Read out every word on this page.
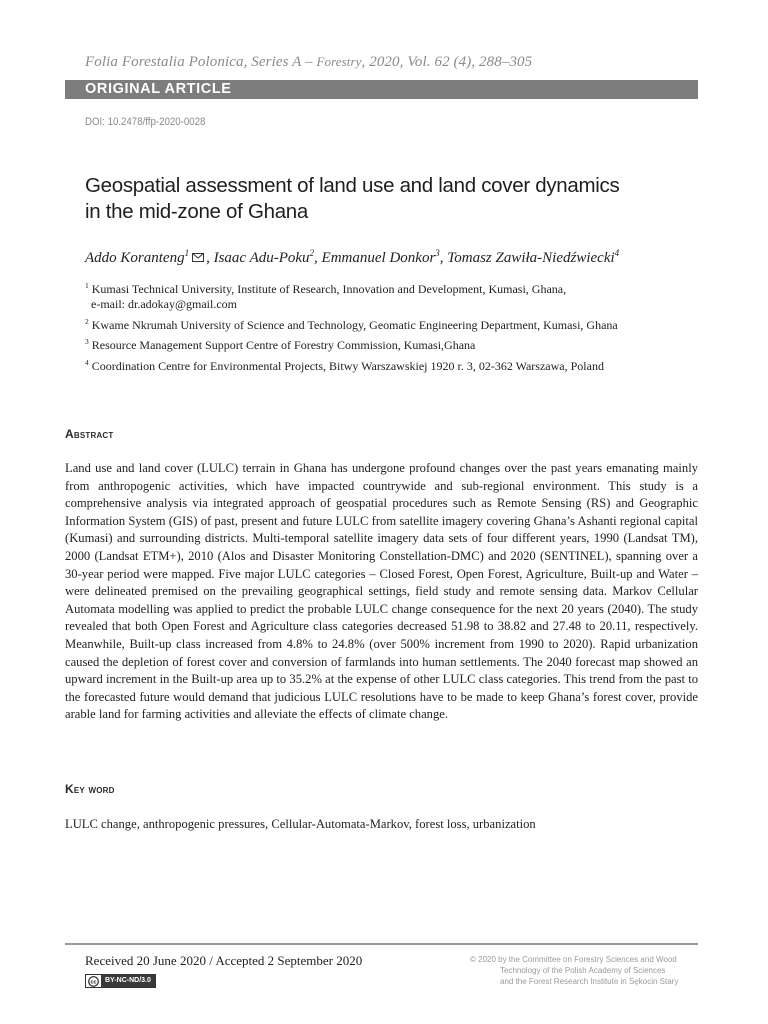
Folia Forestalia Polonica, Series A – Forestry, 2020, Vol. 62 (4), 288–305
ORIGINAL ARTICLE
DOI: 10.2478/ffp-2020-0028
Geospatial assessment of land use and land cover dynamics
in the mid-zone of Ghana
Addo Koranteng$^1$ , Isaac Adu-Poku$^2$, Emmanuel Donkor$^3$, Tomasz Zawiła-Niedźwiecki$^4$
$^1$ Kumasi Technical University, Institute of Research, Innovation and Development, Kumasi, Ghana,
e-mail: dr.adokay@gmail.com
$^2$ Kwame Nkrumah University of Science and Technology, Geomatic Engineering Department, Kumasi, Ghana
$^3$ Resource Management Support Centre of Forestry Commission, Kumasi,Ghana
$^4$ Coordination Centre for Environmental Projects, Bitwy Warszawskiej 1920 r. 3, 02-362 Warszawa, Poland
Abstract
Land use and land cover (LULC) terrain in Ghana has undergone profound changes over the past years emanating mainly from anthropogenic activities, which have impacted countrywide and sub-regional environment. This study is a comprehensive analysis via integrated approach of geospatial procedures such as Remote Sensing (RS) and Geographic Information System (GIS) of past, present and future LULC from satellite imagery covering Ghana’s Ashanti regional capital (Kumasi) and surrounding districts. Multi-temporal satellite imagery data sets of four different years, 1990 (Landsat TM), 2000 (Landsat ETM+), 2010 (Alos and Disaster Monitoring Constellation-DMC) and 2020 (SENTINEL), spanning over a 30-year period were mapped. Five major LULC categories – Closed Forest, Open Forest, Agriculture, Built-up and Water – were delineated premised on the prevailing geographical settings, field study and remote sensing data. Markov Cellular Automata modelling was applied to predict the probable LULC change consequence for the next 20 years (2040). The study revealed that both Open Forest and Agriculture class categories decreased 51.98 to 38.82 and 27.48 to 20.11, respectively. Meanwhile, Built-up class increased from 4.8% to 24.8% (over 500% increment from 1990 to 2020). Rapid urbanization caused the depletion of forest cover and conversion of farmlands into human settlements. The 2040 forecast map showed an upward increment in the Built-up area up to 35.2% at the expense of other LULC class categories. This trend from the past to the forecasted future would demand that judicious LULC resolutions have to be made to keep Ghana’s forest cover, provide arable land for farming activities and alleviate the effects of climate change.
Key word
LULC change, anthropogenic pressures, Cellular-Automata-Markov, forest loss, urbanization
Received 20 June 2020 / Accepted 2 September 2020	© 2020 by the Committee on Forestry Sciences and Wood
Technology of the Polish Academy of Sciences
and the Forest Research Institute in Sękocin Stary
cc	BY-NC-ND/3.0
